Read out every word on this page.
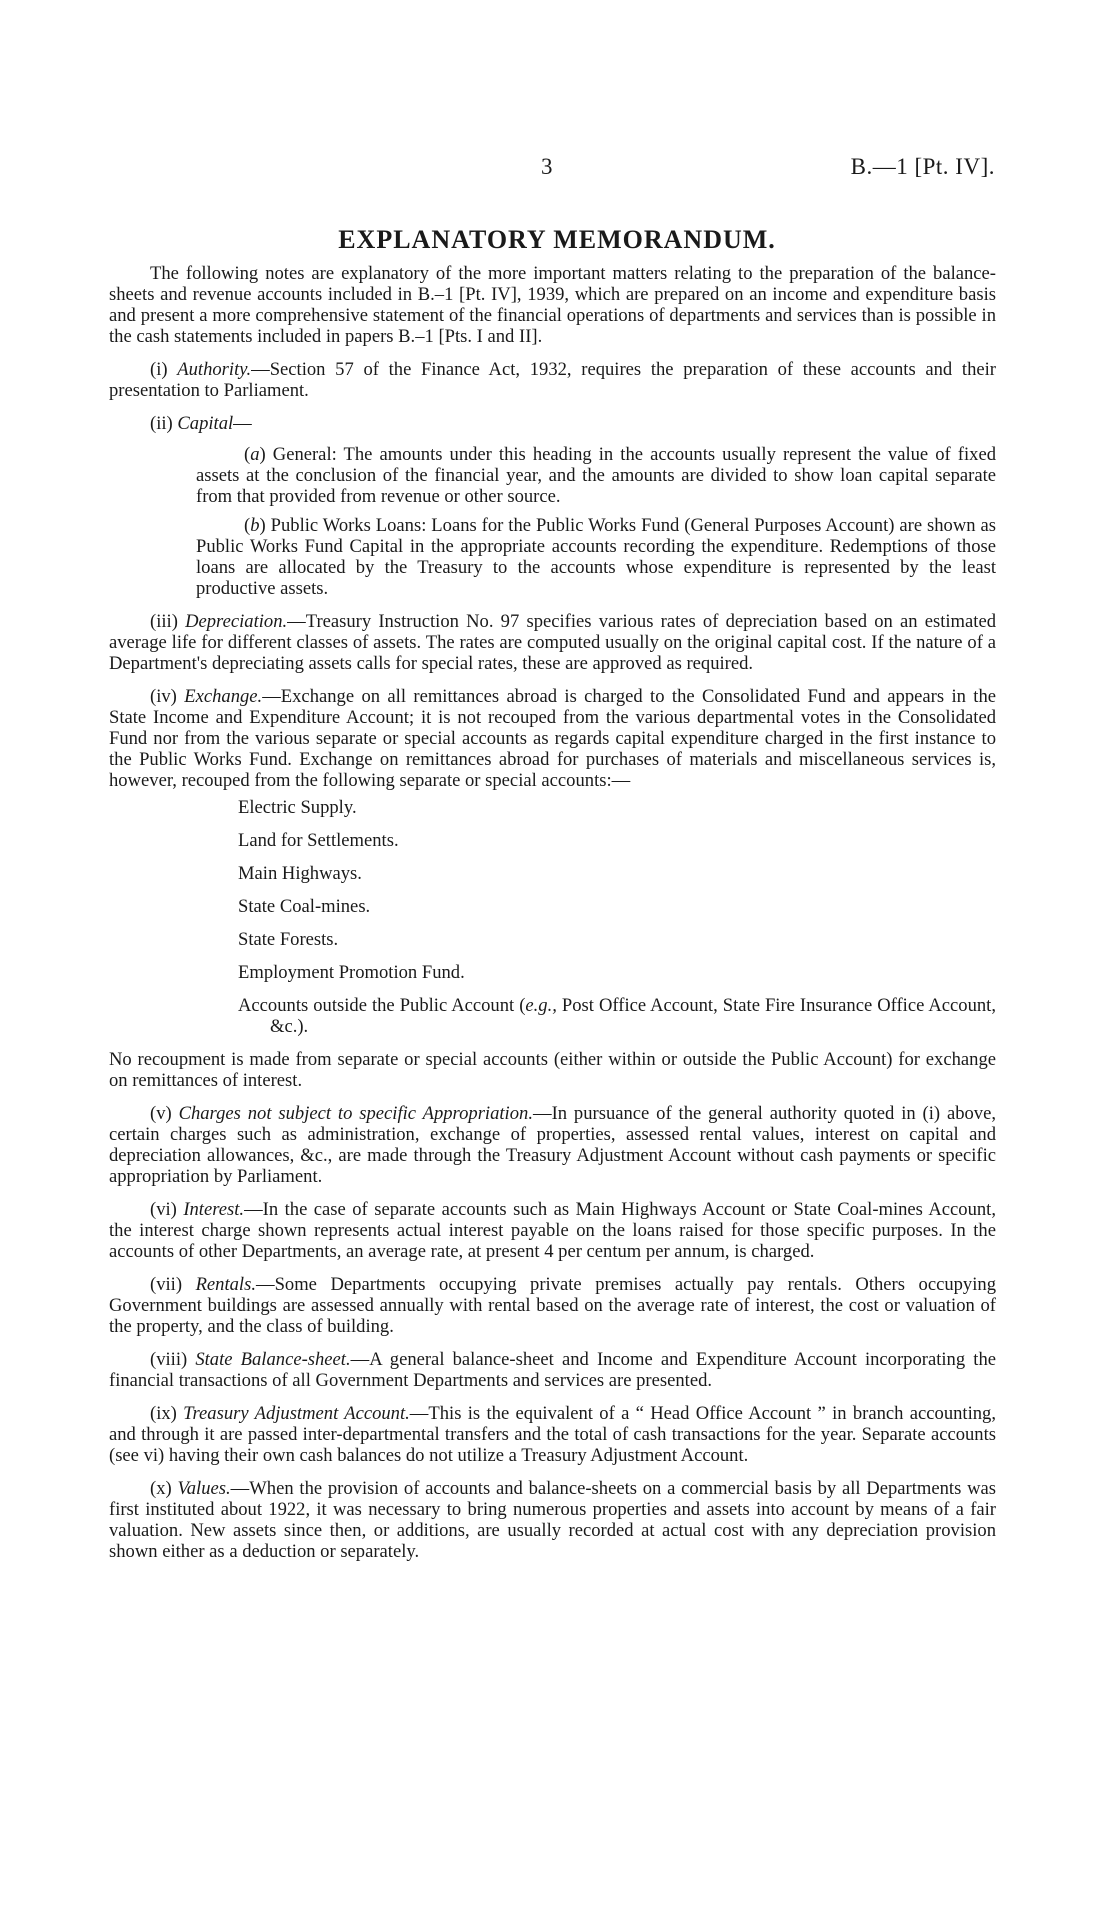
3	B.—1 [Pt. IV].
EXPLANATORY MEMORANDUM.

The following notes are explanatory of the more important matters relating to the preparation of the balance-sheets and revenue accounts included in B.–1 [Pt. IV], 1939, which are prepared on an income and expenditure basis and present a more comprehensive statement of the financial operations of departments and services than is possible in the cash statements included in papers B.–1 [Pts. I and II].

(i) Authority.—Section 57 of the Finance Act, 1932, requires the preparation of these accounts and their presentation to Parliament.

(ii) Capital—

(a) General: The amounts under this heading in the accounts usually represent the value of fixed assets at the conclusion of the financial year, and the amounts are divided to show loan capital separate from that provided from revenue or other source.

(b) Public Works Loans: Loans for the Public Works Fund (General Purposes Account) are shown as Public Works Fund Capital in the appropriate accounts recording the expenditure. Redemptions of those loans are allocated by the Treasury to the accounts whose expenditure is represented by the least productive assets.

(iii) Depreciation.—Treasury Instruction No. 97 specifies various rates of depreciation based on an estimated average life for different classes of assets. The rates are computed usually on the original capital cost. If the nature of a Department's depreciating assets calls for special rates, these are approved as required.

(iv) Exchange.—Exchange on all remittances abroad is charged to the Consolidated Fund and appears in the State Income and Expenditure Account; it is not recouped from the various departmental votes in the Consolidated Fund nor from the various separate or special accounts as regards capital expenditure charged in the first instance to the Public Works Fund. Exchange on remittances abroad for purchases of materials and miscellaneous services is, however, recouped from the following separate or special accounts:—

Electric Supply.

Land for Settlements.

Main Highways.

State Coal-mines.

State Forests.

Employment Promotion Fund.

Accounts outside the Public Account (e.g., Post Office Account, State Fire Insurance Office Account, &c.).

No recoupment is made from separate or special accounts (either within or outside the Public Account) for exchange on remittances of interest.

(v) Charges not subject to specific Appropriation.—In pursuance of the general authority quoted in (i) above, certain charges such as administration, exchange of properties, assessed rental values, interest on capital and depreciation allowances, &c., are made through the Treasury Adjustment Account without cash payments or specific appropriation by Parliament.

(vi) Interest.—In the case of separate accounts such as Main Highways Account or State Coal-mines Account, the interest charge shown represents actual interest payable on the loans raised for those specific purposes. In the accounts of other Departments, an average rate, at present 4 per centum per annum, is charged.

(vii) Rentals.—Some Departments occupying private premises actually pay rentals. Others occupying Government buildings are assessed annually with rental based on the average rate of interest, the cost or valuation of the property, and the class of building.

(viii) State Balance-sheet.—A general balance-sheet and Income and Expenditure Account incorporating the financial transactions of all Government Departments and services are presented.

(ix) Treasury Adjustment Account.—This is the equivalent of a “ Head Office Account ” in branch accounting, and through it are passed inter-departmental transfers and the total of cash transactions for the year. Separate accounts (see vi) having their own cash balances do not utilize a Treasury Adjustment Account.

(x) Values.—When the provision of accounts and balance-sheets on a commercial basis by all Departments was first instituted about 1922, it was necessary to bring numerous properties and assets into account by means of a fair valuation. New assets since then, or additions, are usually recorded at actual cost with any depreciation provision shown either as a deduction or separately.
